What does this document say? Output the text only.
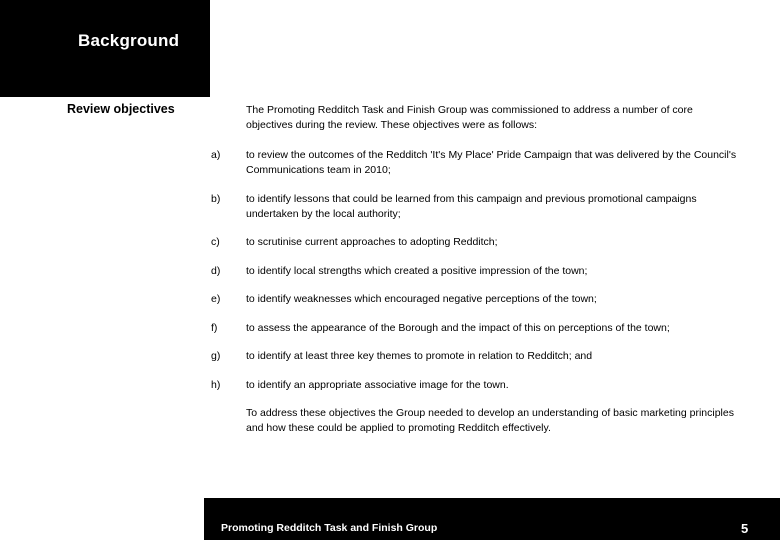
Background
Review objectives	The Promoting Redditch Task and Finish Group was commissioned to address a number of core objectives during the review. These objectives were as follows:
a)	to review the outcomes of the Redditch 'It's My Place' Pride Campaign that was delivered by the Council's Communications team in 2010;
b)	to identify lessons that could be learned from this campaign and previous promotional campaigns undertaken by the local authority;
c)	to scrutinise current approaches to adopting Redditch;
d)	to identify local strengths which created a positive impression of the town;
e)	to identify weaknesses which encouraged negative perceptions of the town;
f)	to assess the appearance of the Borough and the impact of this on perceptions of the town;
g)	to identify at least three key themes to promote in relation to Redditch; and
h)	to identify an appropriate associative image for the town.
To address these objectives the Group needed to develop an understanding of basic marketing principles and how these could be applied to promoting Redditch effectively.
Promoting Redditch Task and Finish Group	5
